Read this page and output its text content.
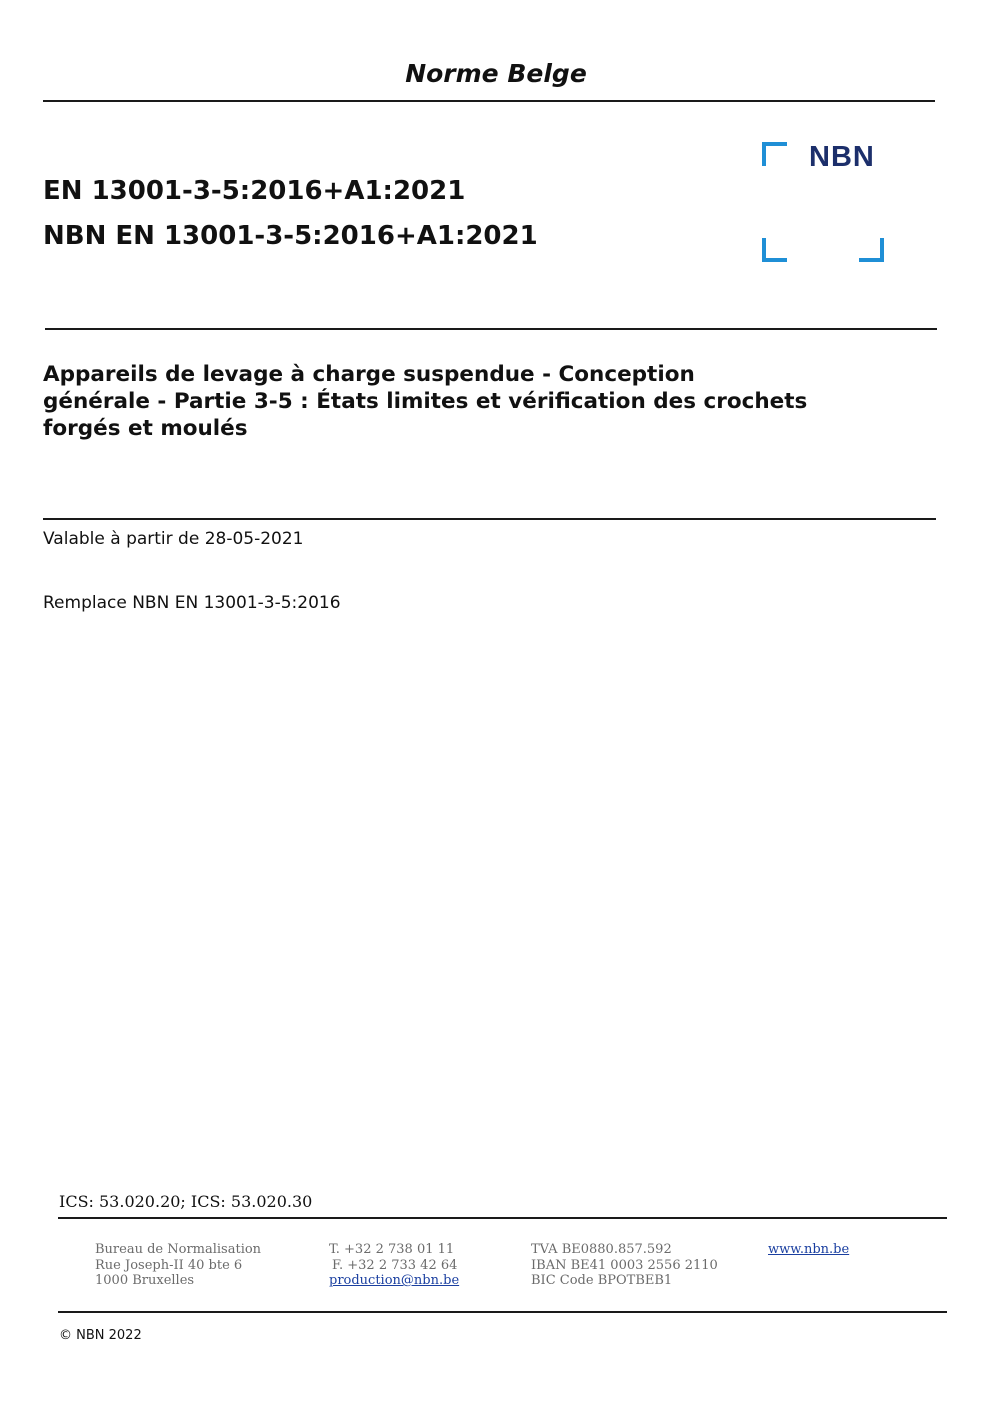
Norme Belge
EN 13001-3-5:2016+A1:2021
NBN EN 13001-3-5:2016+A1:2021
NBN
Appareils de levage à charge suspendue - Conception
générale - Partie 3-5 : États limites et vérification des crochets
forgés et moulés
Valable à partir de 28-05-2021
Remplace NBN EN 13001-3-5:2016
ICS: 53.020.20; ICS: 53.020.30
Bureau de Normalisation
Rue Joseph-II 40 bte 6
1000 Bruxelles
T. +32 2 738 01 11
F. +32 2 733 42 64
production@nbn.be
TVA BE0880.857.592
IBAN BE41 0003 2556 2110
BIC Code BPOTBEB1
www.nbn.be
© NBN 2022
